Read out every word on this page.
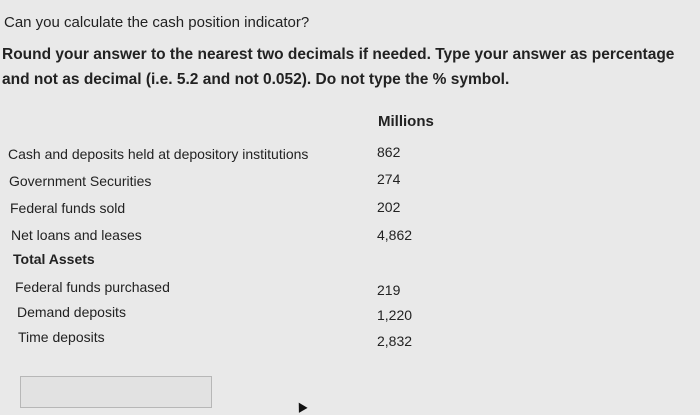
Can you calculate the cash position indicator?
Round your answer to the nearest two decimals if needed. Type your answer as percentage and not as decimal (i.e. 5.2 and not 0.052). Do not type the % symbol.
Millions
Cash and deposits held at depository institutions	862
Government Securities	274
Federal funds sold	202
Net loans and leases	4,862
Total Assets
Federal funds purchased	219
Demand deposits	1,220
Time deposits	2,832
